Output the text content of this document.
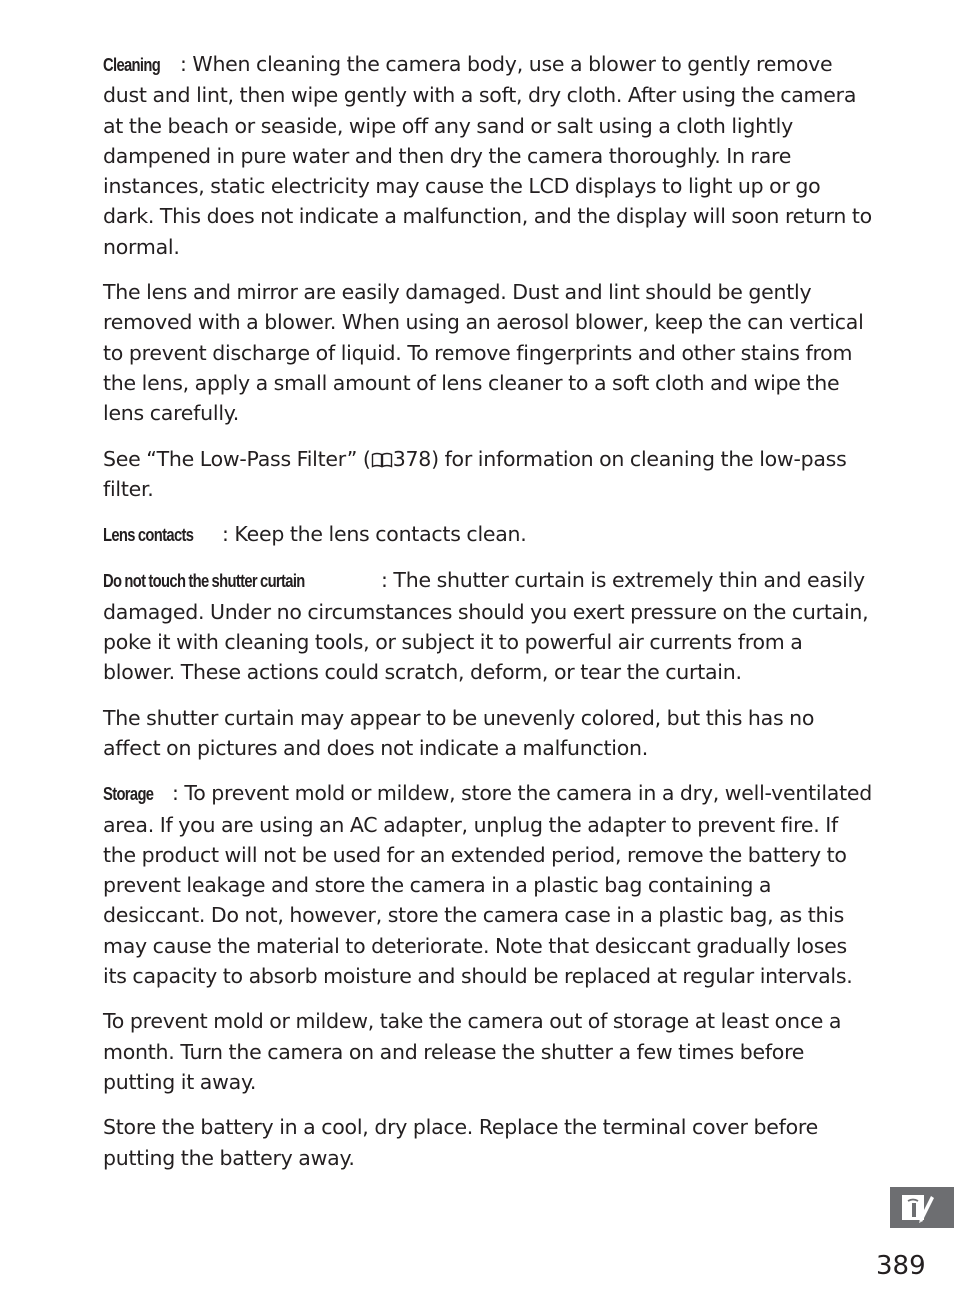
Cleaning : When cleaning the camera body, use a blower to gently remove dust and lint, then wipe gently with a soft, dry cloth. After using the camera at the beach or seaside, wipe off any sand or salt using a cloth lightly dampened in pure water and then dry the camera thoroughly. In rare instances, static electricity may cause the LCD displays to light up or go dark. This does not indicate a malfunction, and the display will soon return to normal.

The lens and mirror are easily damaged. Dust and lint should be gently removed with a blower. When using an aerosol blower, keep the can vertical to prevent discharge of liquid. To remove fingerprints and other stains from the lens, apply a small amount of lens cleaner to a soft cloth and wipe the lens carefully.

See “The Low-Pass Filter” ( 378) for information on cleaning the low-pass filter.

Lens contacts : Keep the lens contacts clean.

Do not touch the shutter curtain	: The shutter curtain is extremely thin and easily damaged. Under no circumstances should you exert pressure on the curtain, poke it with cleaning tools, or subject it to powerful air currents from a blower. These actions could scratch, deform, or tear the curtain.

The shutter curtain may appear to be unevenly colored, but this has no affect on pictures and does not indicate a malfunction.

Storage : To prevent mold or mildew, store the camera in a dry, well-ventilated area. If you are using an AC adapter, unplug the adapter to prevent fire. If the product will not be used for an extended period, remove the battery to prevent leakage and store the camera in a plastic bag containing a desiccant. Do not, however, store the camera case in a plastic bag, as this may cause the material to deteriorate. Note that desiccant gradually loses its capacity to absorb moisture and should be replaced at regular intervals.

To prevent mold or mildew, take the camera out of storage at least once a month. Turn the camera on and release the shutter a few times before putting it away.

Store the battery in a cool, dry place. Replace the terminal cover before putting the battery away.

389
